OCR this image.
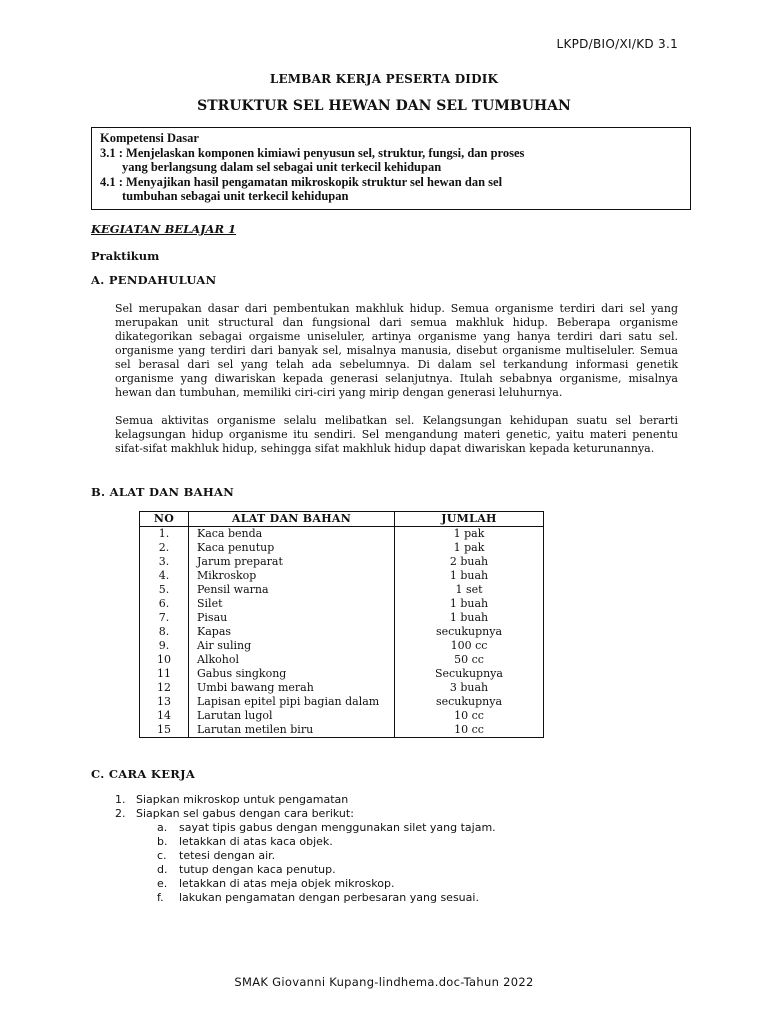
LKPD/BIO/XI/KD 3.1
LEMBAR KERJA PESERTA DIDIK
STRUKTUR SEL HEWAN DAN SEL TUMBUHAN
Kompetensi Dasar
3.1 : Menjelaskan komponen kimiawi penyusun sel, struktur, fungsi, dan proses
yang berlangsung dalam sel sebagai unit terkecil kehidupan
4.1 : Menyajikan hasil pengamatan mikroskopik struktur sel hewan dan sel
tumbuhan sebagai unit terkecil kehidupan
KEGIATAN BELAJAR 1
Praktikum
A. PENDAHULUAN
Sel merupakan dasar dari pembentukan makhluk hidup. Semua organisme terdiri dari sel yang merupakan unit structural dan fungsional dari semua makhluk hidup. Beberapa organisme dikategorikan sebagai orgaisme uniseluler, artinya organisme yang hanya terdiri dari satu sel. organisme yang terdiri dari banyak sel, misalnya manusia, disebut organisme multiseluler. Semua sel berasal dari sel yang telah ada sebelumnya. Di dalam sel terkandung informasi genetik organisme yang diwariskan kepada generasi selanjutnya. Itulah sebabnya organisme, misalnya hewan dan tumbuhan, memiliki ciri-ciri yang mirip dengan generasi leluhurnya.
Semua aktivitas organisme selalu melibatkan sel. Kelangsungan kehidupan suatu sel berarti kelagsungan hidup organisme itu sendiri. Sel mengandung materi genetic, yaitu materi penentu sifat-sifat makhluk hidup, sehingga sifat makhluk hidup dapat diwariskan kepada keturunannya.
B. ALAT DAN BAHAN
NO	ALAT DAN BAHAN	JUMLAH
1.	Kaca benda	1 pak
2.	Kaca penutup	1 pak
3.	Jarum preparat	2 buah
4.	Mikroskop	1 buah
5.	Pensil warna	1 set
6.	Silet	1 buah
7.	Pisau	1 buah
8.	Kapas	secukupnya
9.	Air suling	100 cc
10	Alkohol	50 cc
11	Gabus singkong	Secukupnya
12	Umbi bawang merah	3 buah
13	Lapisan epitel pipi bagian dalam	secukupnya
14	Larutan lugol	10 cc
15	Larutan metilen biru	10 cc
C. CARA KERJA
1. Siapkan mikroskop untuk pengamatan
2. Siapkan sel gabus dengan cara berikut:
a. sayat tipis gabus dengan menggunakan silet yang tajam.
b. letakkan di atas kaca objek.
c. tetesi dengan air.
d. tutup dengan kaca penutup.
e. letakkan di atas meja objek mikroskop.
f. lakukan pengamatan dengan perbesaran yang sesuai.
SMAK Giovanni Kupang-lindhema.doc-Tahun 2022
